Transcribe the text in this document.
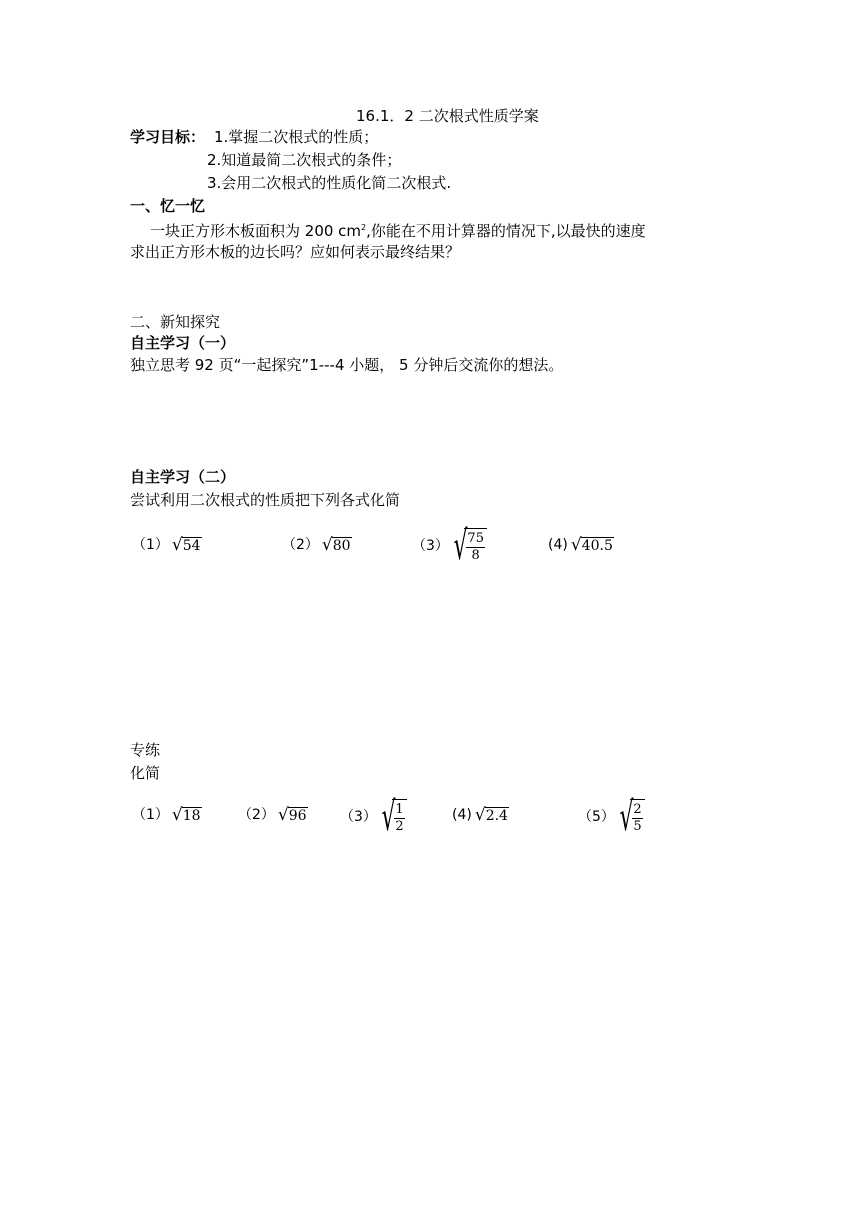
16.1．2 二次根式性质学案
学习目标： 1.掌握二次根式的性质；
2.知道最简二次根式的条件；
3.会用二次根式的性质化简二次根式.
一、忆一忆
一块正方形木板面积为 200 $cm^2$,你能在不用计算器的情况下,以最快的速度
求出正方形木板的边长吗？应如何表示最终结果？
二、新知探究
自主学习（一）
独立思考 92 页“一起探究”1---4 小题， 5 分钟后交流你的想法。
自主学习（二）
尝试利用二次根式的性质把下列各式化简
（1） √ 54	（2） √ 80	（3） √
$\frac{75}{8}$	(4) √ 40.5
专练
化简
（1） √ 18	（2） √ 96 （3） √
$\frac{1}{2}$	(4) √ 2.4	（5） √
$\frac{2}{5}$
